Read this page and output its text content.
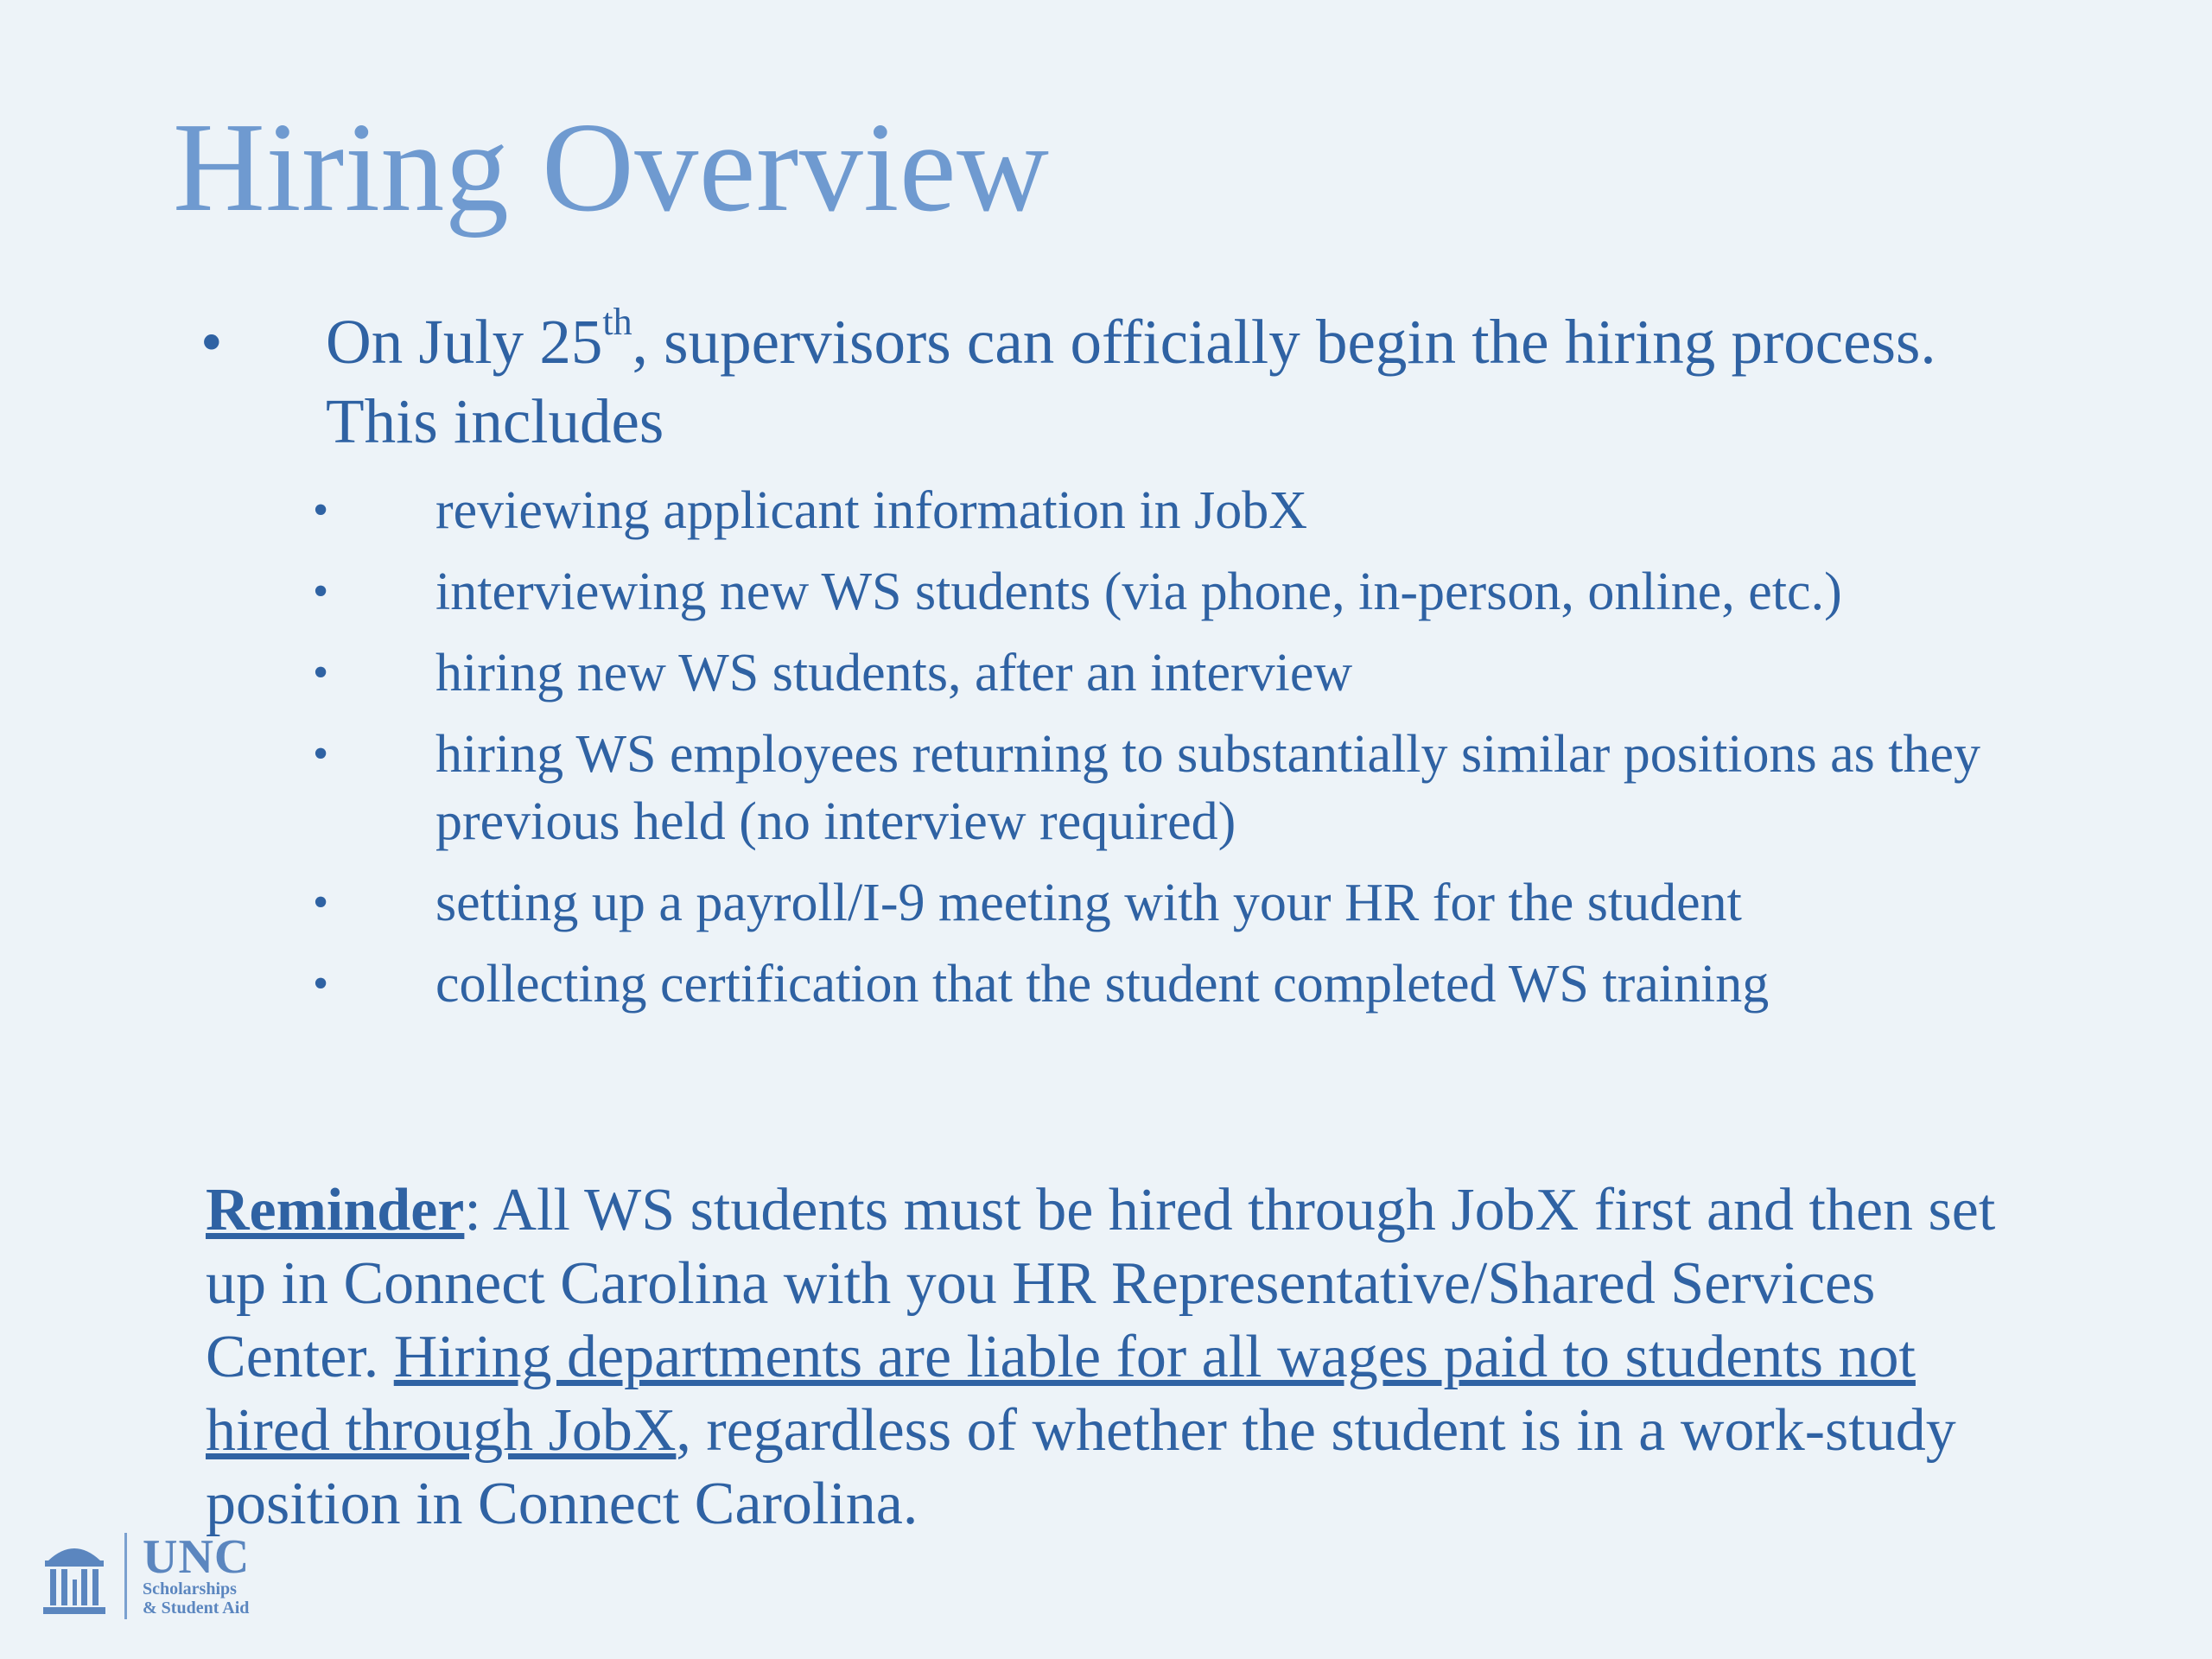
Hiring Overview
•	On July 25th, supervisors can officially begin the hiring process. This includes
• reviewing applicant information in JobX
• interviewing new WS students (via phone, in-person, online, etc.)
• hiring new WS students, after an interview
• hiring WS employees returning to substantially similar positions as they previous held (no interview required)
• setting up a payroll/I-9 meeting with your HR for the student
• collecting certification that the student completed WS training

Reminder: All WS students must be hired through JobX first and then set up in Connect Carolina with you HR Representative/Shared Services Center. Hiring departments are liable for all wages paid to students not hired through JobX, regardless of whether the student is in a work-study position in Connect Carolina.

UNC
Scholarships
& Student Aid
